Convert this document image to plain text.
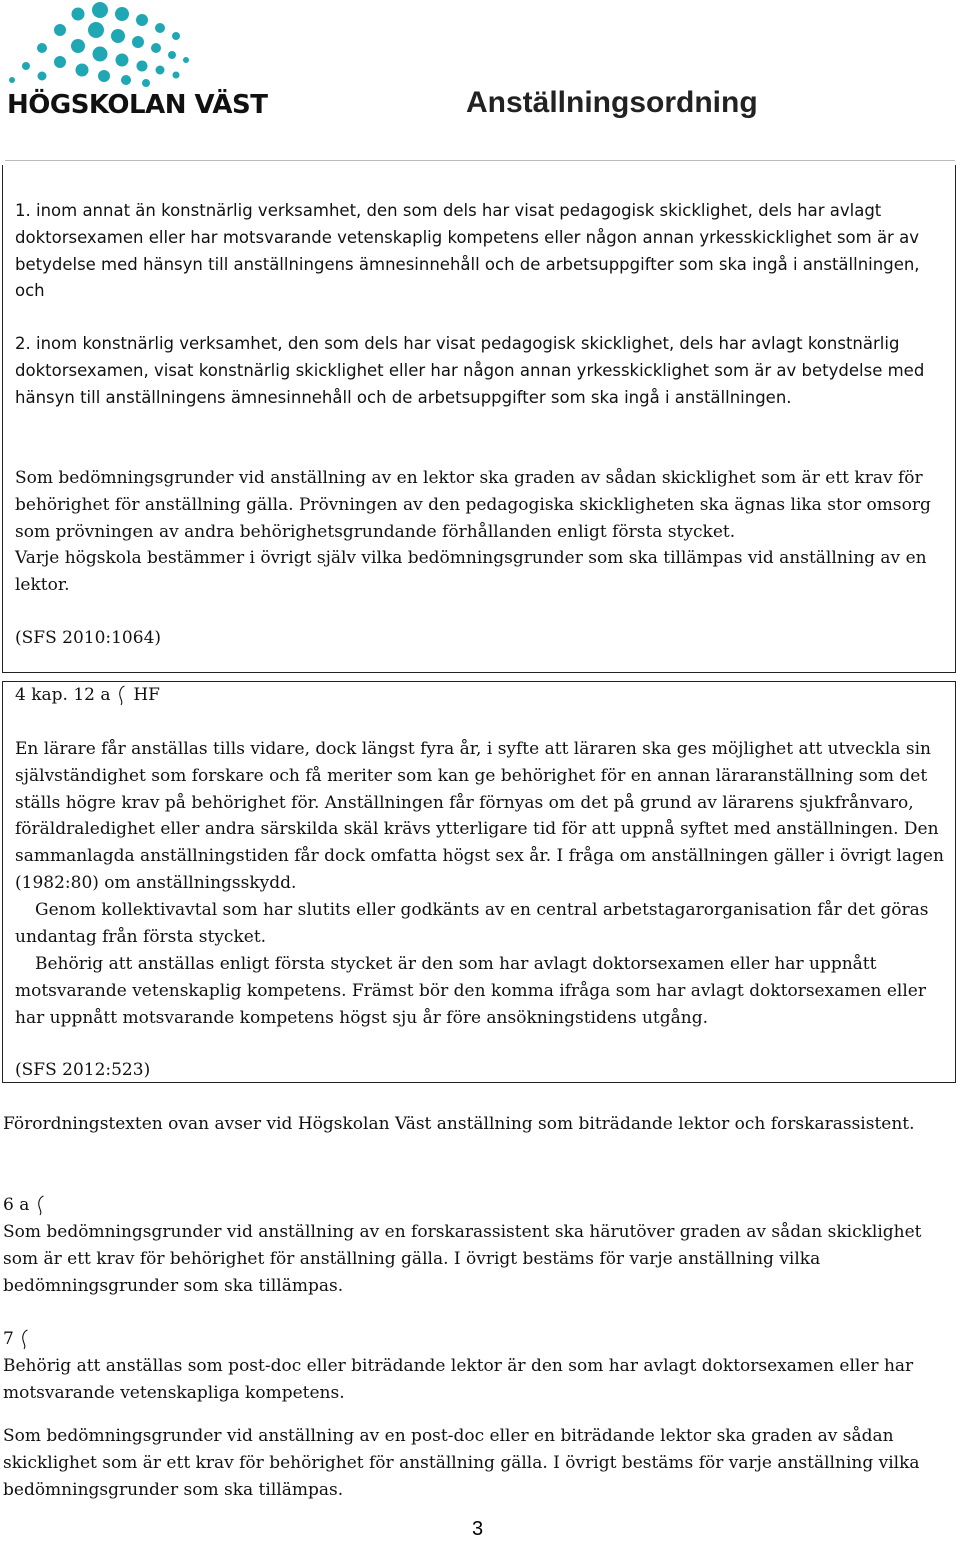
HÖGSKOLAN VÄST	Anställningsordning

1. inom annat än konstnärlig verksamhet, den som dels har visat pedagogisk skicklighet, dels har avlagt doktorsexamen eller har motsvarande vetenskaplig kompetens eller någon annan yrkesskicklighet som är av betydelse med hänsyn till anställningens ämnesinnehåll och de arbetsuppgifter som ska ingå i anställningen, och

2. inom konstnärlig verksamhet, den som dels har visat pedagogisk skicklighet, dels har avlagt konstnärlig doktorsexamen, visat konstnärlig skicklighet eller har någon annan yrkesskicklighet som är av betydelse med hänsyn till anställningens ämnesinnehåll och de arbetsuppgifter som ska ingå i anställningen.

Som bedömningsgrunder vid anställning av en lektor ska graden av sådan skicklighet som är ett krav för behörighet för anställning gälla. Prövningen av den pedagogiska skickligheten ska ägnas lika stor omsorg som prövningen av andra behörighetsgrundande förhållanden enligt första stycket.

Varje högskola bestämmer i övrigt själv vilka bedömningsgrunder som ska tillämpas vid anställning av en lektor.

(SFS 2010:1064)

4 kap. 12 a HF

En lärare får anställas tills vidare, dock längst fyra år, i syfte att läraren ska ges möjlighet att utveckla sin självständighet som forskare och få meriter som kan ge behörighet för en annan läraranställning som det ställs högre krav på behörighet för. Anställningen får förnyas om det på grund av lärarens sjukfrånvaro, föräldraledighet eller andra särskilda skäl krävs ytterligare tid för att uppnå syftet med anställningen. Den sammanlagda anställningstiden får dock omfatta högst sex år. I fråga om anställningen gäller i övrigt lagen (1982:80) om anställningsskydd.

Genom kollektivavtal som har slutits eller godkänts av en central arbetstagarorganisation får det göras undantag från första stycket.

Behörig att anställas enligt första stycket är den som har avlagt doktorsexamen eller har uppnått motsvarande vetenskaplig kompetens. Främst bör den komma ifråga som har avlagt doktorsexamen eller har uppnått motsvarande kompetens högst sju år före ansökningstidens utgång.

(SFS 2012:523)

Förordningstexten ovan avser vid Högskolan Väst anställning som biträdande lektor och forskarassistent.

6 a

Som bedömningsgrunder vid anställning av en forskarassistent ska härutöver graden av sådan skicklighet som är ett krav för behörighet för anställning gälla. I övrigt bestäms för varje anställning vilka bedömningsgrunder som ska tillämpas.

7

Behörig att anställas som post-doc eller biträdande lektor är den som har avlagt doktorsexamen eller har motsvarande vetenskapliga kompetens.

Som bedömningsgrunder vid anställning av en post-doc eller en biträdande lektor ska graden av sådan skicklighet som är ett krav för behörighet för anställning gälla. I övrigt bestäms för varje anställning vilka bedömningsgrunder som ska tillämpas.

3
